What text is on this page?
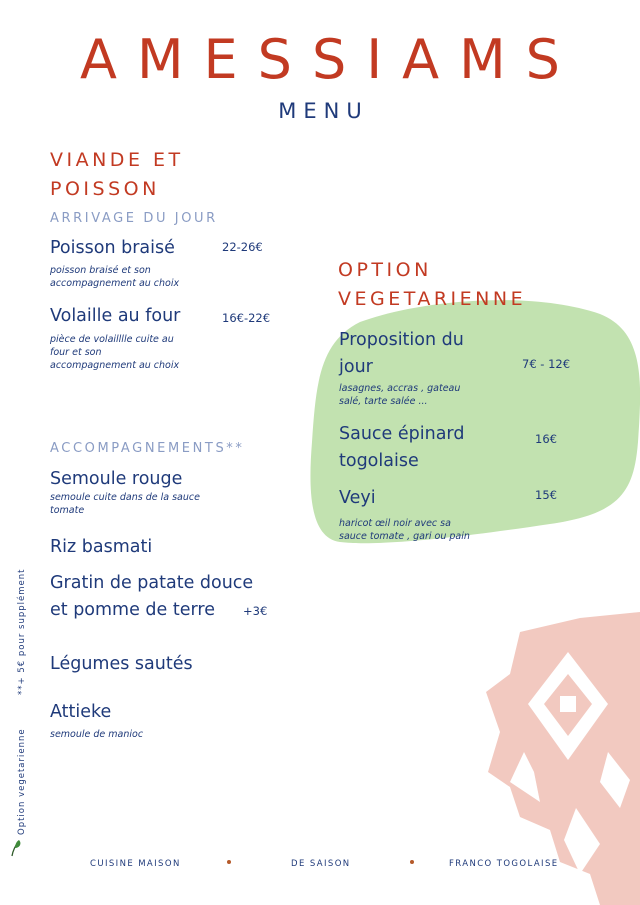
AMESSIAMS
MENU
VIANDE ET
POISSON
ARRIVAGE DU JOUR
Poisson braisé	22-26€
poisson braisé et son
accompagnement au choix
Volaille au four	16€-22€
pièce de volailllle cuite au
four et son
accompagnement au choix
ACCOMPAGNEMENTS**
Semoule rouge
semoule cuite dans de la sauce
tomate
Riz basmati
Gratin de patate douce
et pomme de terre	+3€
Légumes sautés
Attieke
semoule de manioc
OPTION
VEGETARIENNE
Proposition du
jour	7€ - 12€
lasagnes, accras , gateau
salé, tarte salée ...
Sauce épinard
togolaise
16€
Veyi	15€
haricot œil noir avec sa
sauce tomate , gari ou pain
**+ 5€ pour supplément
Option vegetarienne
CUISINE MAISON	DE SAISON	FRANCO TOGOLAISE
